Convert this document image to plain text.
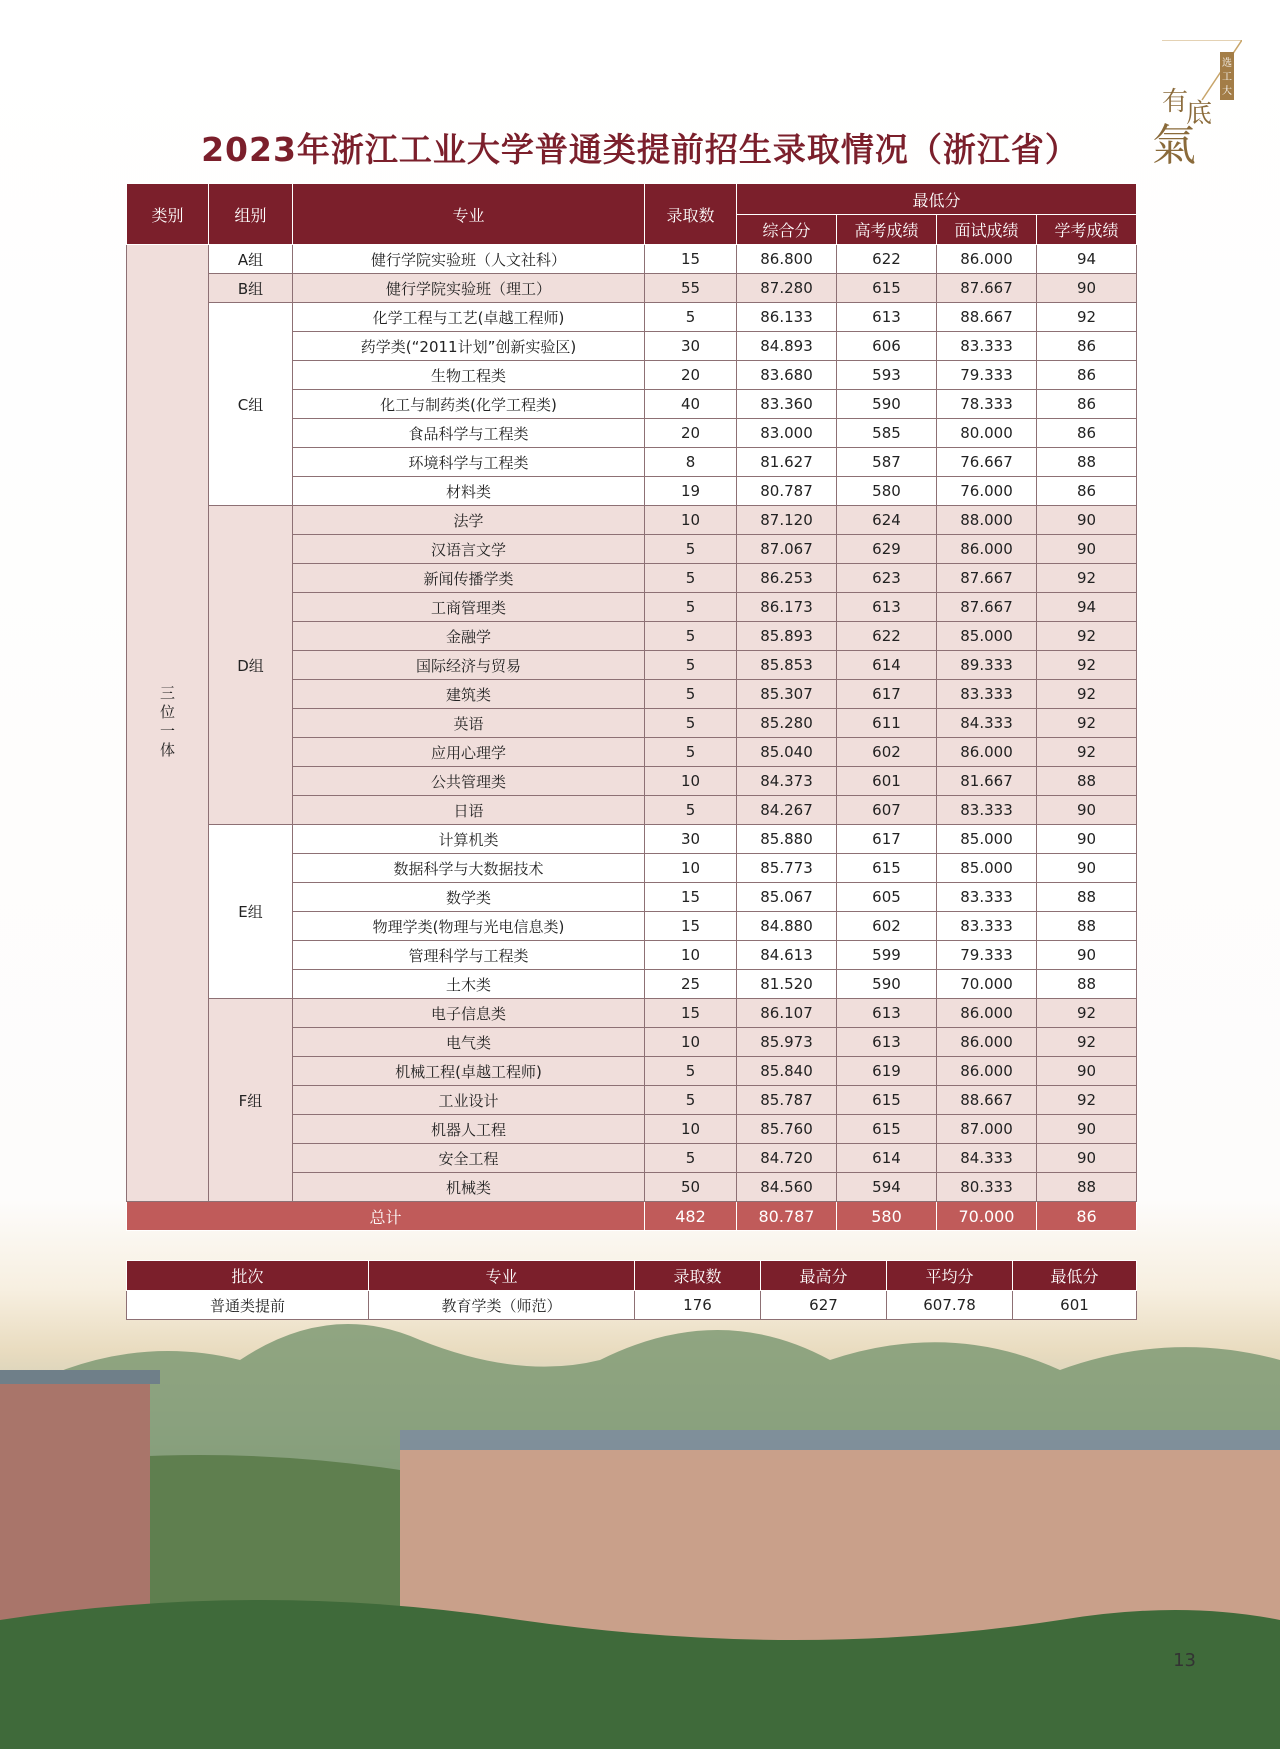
选
工
大
有
底
氣
2023年浙江工业大学普通类提前招生录取情况（浙江省）
类别	组别	专业	录取数	最低分			
				综合分	高考成绩	面试成绩	学考成绩
三位一体	A组	健行学院实验班（人文社科）	15	86.800	622	86.000	94
	B组	健行学院实验班（理工）	55	87.280	615	87.667	90
	C组	化学工程与工艺(卓越工程师)	5	86.133	613	88.667	92
		药学类(“2011计划”创新实验区)	30	84.893	606	83.333	86
		生物工程类	20	83.680	593	79.333	86
		化工与制药类(化学工程类)	40	83.360	590	78.333	86
		食品科学与工程类	20	83.000	585	80.000	86
		环境科学与工程类	8	81.627	587	76.667	88
		材料类	19	80.787	580	76.000	86
	D组	法学	10	87.120	624	88.000	90
		汉语言文学	5	87.067	629	86.000	90
		新闻传播学类	5	86.253	623	87.667	92
		工商管理类	5	86.173	613	87.667	94
		金融学	5	85.893	622	85.000	92
		国际经济与贸易	5	85.853	614	89.333	92
		建筑类	5	85.307	617	83.333	92
		英语	5	85.280	611	84.333	92
		应用心理学	5	85.040	602	86.000	92
		公共管理类	10	84.373	601	81.667	88
		日语	5	84.267	607	83.333	90
	E组	计算机类	30	85.880	617	85.000	90
		数据科学与大数据技术	10	85.773	615	85.000	90
		数学类	15	85.067	605	83.333	88
		物理学类(物理与光电信息类)	15	84.880	602	83.333	88
		管理科学与工程类	10	84.613	599	79.333	90
		土木类	25	81.520	590	70.000	88
	F组	电子信息类	15	86.107	613	86.000	92
		电气类	10	85.973	613	86.000	92
		机械工程(卓越工程师)	5	85.840	619	86.000	90
		工业设计	5	85.787	615	88.667	92
		机器人工程	10	85.760	615	87.000	90
		安全工程	5	84.720	614	84.333	90
		机械类	50	84.560	594	80.333	88
总计			482	80.787	580	70.000	86
批次	专业	录取数	最高分	平均分	最低分
普通类提前	教育学类（师范）	176	627	607.78	601
13
